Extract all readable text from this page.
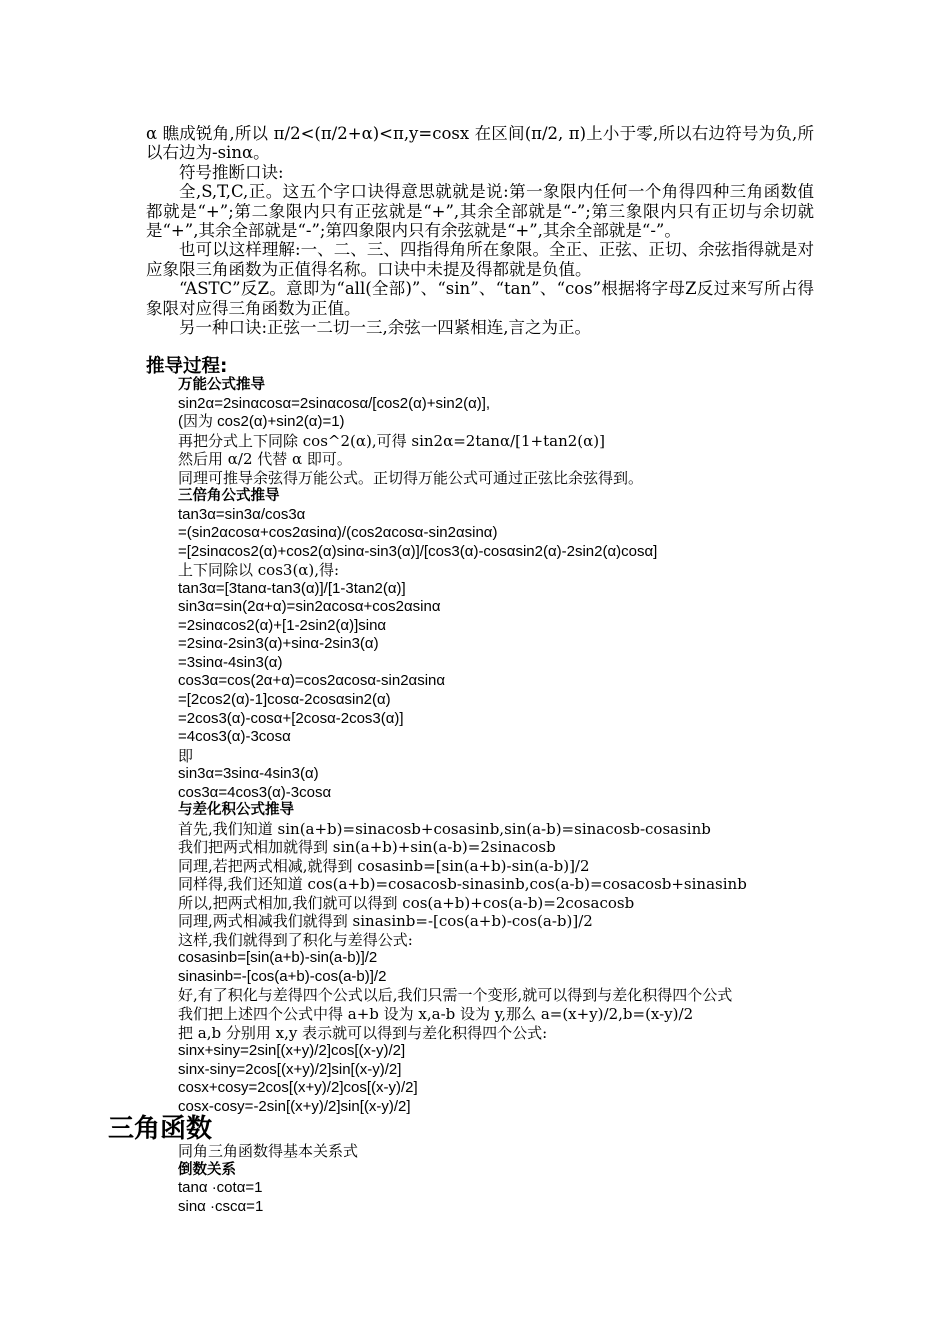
α 瞧成锐角,所以 π/2<(π/2+α)<π,y=cosx 在区间(π/2, π)上小于零,所以右边符号为负,所以右边为-sinα。

符号推断口诀:

全,S,T,C,正。这五个字口诀得意思就就是说:第一象限内任何一个角得四种三角函数值都就是“+”;第二象限内只有正弦就是“+”,其余全部就是“-”;第三象限内只有正切与余切就是“+”,其余全部就是“-”;第四象限内只有余弦就是“+”,其余全部就是“-”。

也可以这样理解:一、二、三、四指得角所在象限。全正、正弦、正切、余弦指得就是对应象限三角函数为正值得名称。口诀中未提及得都就是负值。

“ASTC”反Z。意即为“all(全部)”、“sin”、“tan”、“cos”根据将字母Z反过来写所占得象限对应得三角函数为正值。

另一种口诀:正弦一二切一三,余弦一四紧相连,言之为正。

推导过程:
万能公式推导
sin2α=2sinαcosα=2sinαcosα/[cos2(α)+sin2(α)],
(因为 cos2(α)+sin2(α)=1)
再把分式上下同除 cos^2(α),可得 sin2α=2tanα/[1+tan2(α)]
然后用 α/2 代替 α 即可。
同理可推导余弦得万能公式。正切得万能公式可通过正弦比余弦得到。
三倍角公式推导
tan3α=sin3α/cos3α
=(sin2αcosα+cos2αsinα)/(cos2αcosα-sin2αsinα)
=[2sinαcos2(α)+cos2(α)sinα-sin3(α)]/[cos3(α)-cosαsin2(α)-2sin2(α)cosα]
上下同除以 cos3(α),得:
tan3α=[3tanα-tan3(α)]/[1-3tan2(α)]
sin3α=sin(2α+α)=sin2αcosα+cos2αsinα
=2sinαcos2(α)+[1-2sin2(α)]sinα
=2sinα-2sin3(α)+sinα-2sin3(α)
=3sinα-4sin3(α)
cos3α=cos(2α+α)=cos2αcosα-sin2αsinα
=[2cos2(α)-1]cosα-2cosαsin2(α)
=2cos3(α)-cosα+[2cosα-2cos3(α)]
=4cos3(α)-3cosα
即
sin3α=3sinα-4sin3(α)
cos3α=4cos3(α)-3cosα
与差化积公式推导
首先,我们知道 sin(a+b)=sinacosb+cosasinb,sin(a-b)=sinacosb-cosasinb
我们把两式相加就得到 sin(a+b)+sin(a-b)=2sinacosb
同理,若把两式相减,就得到 cosasinb=[sin(a+b)-sin(a-b)]/2
同样得,我们还知道 cos(a+b)=cosacosb-sinasinb,cos(a-b)=cosacosb+sinasinb
所以,把两式相加,我们就可以得到 cos(a+b)+cos(a-b)=2cosacosb
同理,两式相减我们就得到 sinasinb=-[cos(a+b)-cos(a-b)]/2
这样,我们就得到了积化与差得公式:
cosasinb=[sin(a+b)-sin(a-b)]/2
sinasinb=-[cos(a+b)-cos(a-b)]/2
好,有了积化与差得四个公式以后,我们只需一个变形,就可以得到与差化积得四个公式
我们把上述四个公式中得 a+b 设为 x,a-b 设为 y,那么 a=(x+y)/2,b=(x-y)/2
把 a,b 分别用 x,y 表示就可以得到与差化积得四个公式:
sinx+siny=2sin[(x+y)/2]cos[(x-y)/2]
sinx-siny=2cos[(x+y)/2]sin[(x-y)/2]
cosx+cosy=2cos[(x+y)/2]cos[(x-y)/2]
cosx-cosy=-2sin[(x+y)/2]sin[(x-y)/2]
三角函数
同角三角函数得基本关系式
倒数关系
tanα ·cotα=1
sinα ·cscα=1
